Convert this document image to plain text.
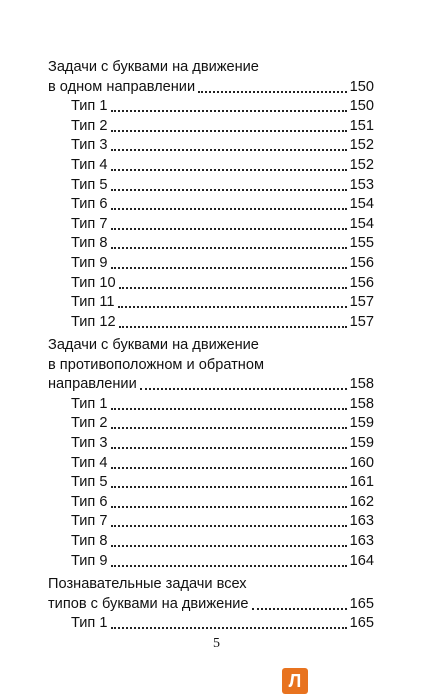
Задачи с буквами на движение
в одном направлении	150
Тип 1	150
Тип 2	151
Тип 3	152
Тип 4	152
Тип 5	153
Тип 6	154
Тип 7	154
Тип 8	155
Тип 9	156
Тип 10	156
Тип 11	157
Тип 12	157
Задачи с буквами на движение
в противоположном и обратном
направлении	158
Тип 1	158
Тип 2	159
Тип 3	159
Тип 4	160
Тип 5	161
Тип 6	162
Тип 7	163
Тип 8	163
Тип 9	164
Познавательные задачи всех
типов с буквами на движение	165
Тип 1	165
5
Л
